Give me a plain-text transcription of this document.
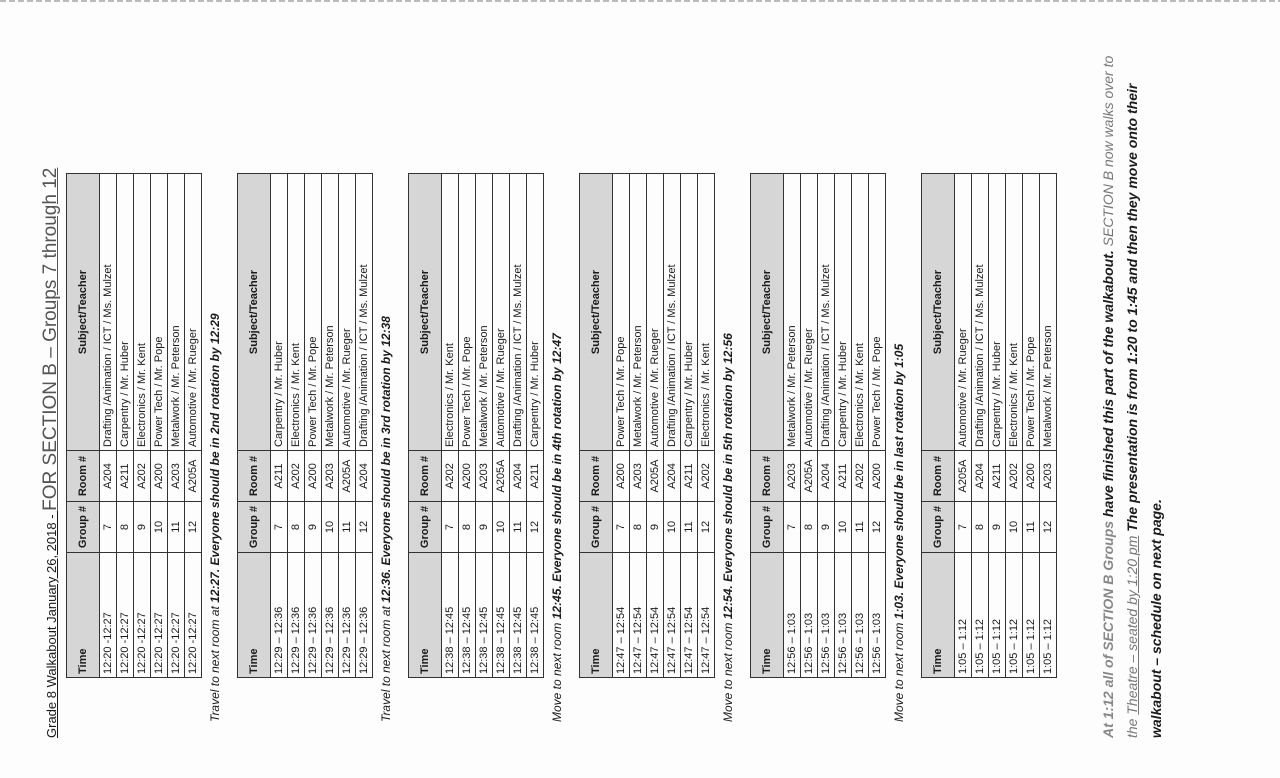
Grade 8 Walkabout January 26, 2018 - FOR SECTION B – Groups 7 through 12
Time	Group #	Room #	Subject/Teacher
12:20 -12:27	7	A204	Drafting /Animation / ICT / Ms. Mulzet
12:20 -12:27	8	A211	Carpentry / Mr. Huber
12:20 -12:27	9	A202	Electronics / Mr. Kent
12:20 -12:27	10	A200	Power Tech / Mr. Pope
12:20 -12:27	11	A203	Metalwork / Mr. Peterson
12:20 -12:27	12	A205A	Automotive / Mr. Rueger
Travel to next room at 12:27. Everyone should be in 2nd rotation by 12:29
Time	Group #	Room #	Subject/Teacher
12:29 – 12:36	7	A211	Carpentry / Mr. Huber
12:29 – 12:36	8	A202	Electronics / Mr. Kent
12:29 – 12:36	9	A200	Power Tech / Mr. Pope
12:29 – 12:36	10	A203	Metalwork / Mr. Peterson
12:29 – 12:36	11	A205A	Automotive / Mr. Rueger
12:29 – 12:36	12	A204	Drafting /Animation / ICT / Ms. Mulzet
Travel to next room at 12:36. Everyone should be in 3rd rotation by 12:38
Time	Group #	Room #	Subject/Teacher
12:38 – 12:45	7	A202	Electronics / Mr. Kent
12:38 – 12:45	8	A200	Power Tech / Mr. Pope
12:38 – 12:45	9	A203	Metalwork / Mr. Peterson
12:38 – 12:45	10	A205A	Automotive / Mr. Rueger
12:38 – 12:45	11	A204	Drafting /Animation / ICT / Ms. Mulzet
12:38 – 12:45	12	A211	Carpentry / Mr. Huber
Move to next room 12:45. Everyone should be in 4th rotation by 12:47
Time	Group #	Room #	Subject/Teacher
12:47 – 12:54	7	A200	Power Tech / Mr. Pope
12:47 – 12:54	8	A203	Metalwork / Mr. Peterson
12:47 – 12:54	9	A205A	Automotive / Mr. Rueger
12:47 – 12:54	10	A204	Drafting /Animation / ICT / Ms. Mulzet
12:47 – 12:54	11	A211	Carpentry / Mr. Huber
12:47 – 12:54	12	A202	Electronics / Mr. Kent
Move to next room 12:54. Everyone should be in 5th rotation by 12:56
Time	Group #	Room #	Subject/Teacher
12:56 – 1:03	7	A203	Metalwork / Mr. Peterson
12:56 – 1:03	8	A205A	Automotive / Mr. Rueger
12:56 – 1:03	9	A204	Drafting /Animation / ICT / Ms. Mulzet
12:56 – 1:03	10	A211	Carpentry / Mr. Huber
12:56 – 1:03	11	A202	Electronics / Mr. Kent
12:56 – 1:03	12	A200	Power Tech / Mr. Pope
Move to next room 1:03. Everyone should be in last rotation by 1:05
Time	Group #	Room #	Subject/Teacher
1:05 – 1:12	7	A205A	Automotive / Mr. Rueger
1:05 – 1:12	8	A204	Drafting /Animation / ICT / Ms. Mulzet
1:05 – 1:12	9	A211	Carpentry / Mr. Huber
1:05 – 1:12	10	A202	Electronics / Mr. Kent
1:05 – 1:12	11	A200	Power Tech / Mr. Pope
1:05 – 1:12	12	A203	Metalwork / Mr. Peterson
At 1:12 all of SECTION B Groups have finished this part of the walkabout. SECTION B now walks over to the Theatre – seated by 1:20 pm The presentation is from 1:20 to 1:45 and then they move onto their walkabout – schedule on next page.
